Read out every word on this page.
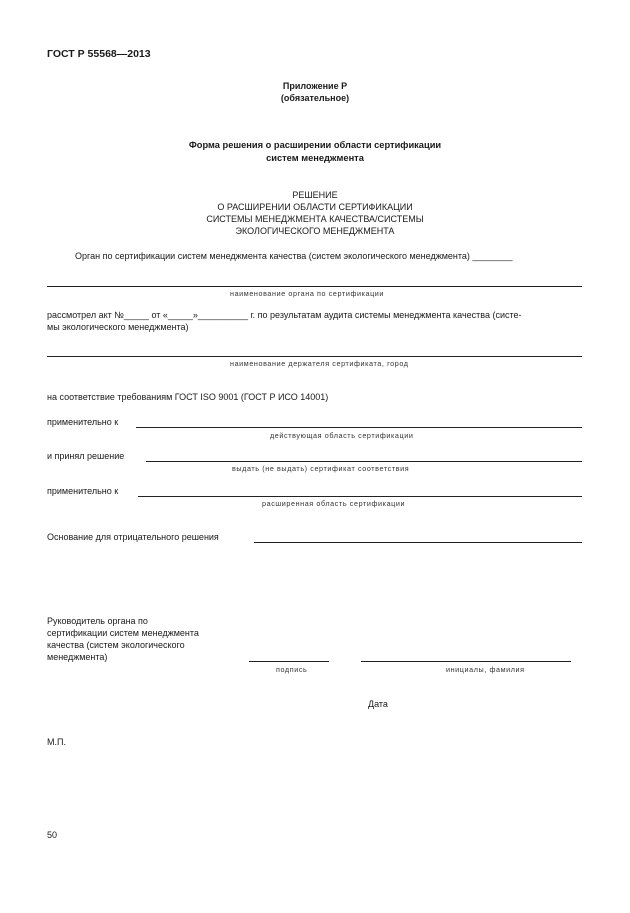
ГОСТ Р 55568—2013
Приложение Р
(обязательное)
Форма решения о расширении области сертификации
систем менеджмента
РЕШЕНИЕ
О РАСШИРЕНИИ ОБЛАСТИ СЕРТИФИКАЦИИ
СИСТЕМЫ МЕНЕДЖМЕНТА КАЧЕСТВА/СИСТЕМЫ
ЭКОЛОГИЧЕСКОГО МЕНЕДЖМЕНТА
Орган по сертификации систем менеджмента качества (систем экологического менеджмента) ________
наименование органа по сертификации
рассмотрел акт №_____ от «_____»__________ г. по результатам аудита системы менеджмента качества (систе-
мы экологического менеджмента)
наименование держателя сертификата, город
на соответствие требованиям ГОСТ ISO 9001 (ГОСТ Р ИСО 14001)
применительно к
действующая область сертификации
и принял решение
выдать (не выдать) сертификат соответствия
применительно к
расширенная область сертификации
Основание для отрицательного решения
Руководитель органа по
сертификации систем менеджмента
качества (систем экологического
менеджмента)
подпись	инициалы, фамилия
Дата
М.П.
50
